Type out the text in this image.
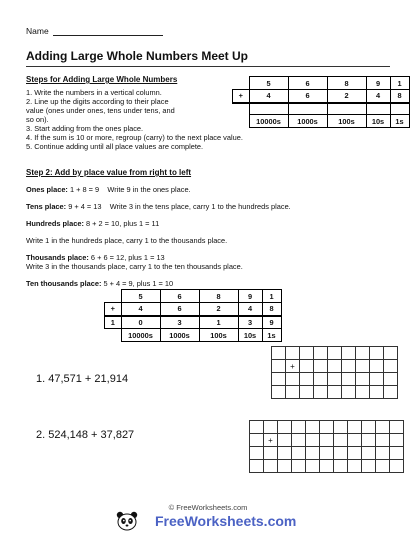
Name
Adding Large Whole Numbers Meet Up
Steps for Adding Large Whole Numbers
1. Write the numbers in a vertical column.
2. Line up the digits according to their place
value (ones under ones, tens under tens, and
so on).
3. Start adding from the ones place.
4. If the sum is 10 or more, regroup (carry) to the next place value.
5. Continue adding until all place values are complete.
	5	6	8	9	1
+	4	6	2	4	8

	10000s	1000s	100s	10s	1s
Step 2: Add by place value from right to left
Ones place: 1 + 8 = 9 Write 9 in the ones place.
Tens place: 9 + 4 = 13 Write 3 in the tens place, carry 1 to the hundreds place.
Hundreds place: 8 + 2 = 10, plus 1 = 11
Write 1 in the hundreds place, carry 1 to the thousands place.
Thousands place: 6 + 6 = 12, plus 1 = 13
Write 3 in the thousands place, carry 1 to the ten thousands place.
Ten thousands place: 5 + 4 = 9, plus 1 = 10
	5	6	8	9	1
+	4	6	2	4	8
1	0	3	1	3	9
	10000s	1000s	100s	10s	1s
1. 47,571 + 21,914

	+							

2. 524,148 + 37,827

		+									

© FreeWorksheets.com
FreeWorksheets.com
